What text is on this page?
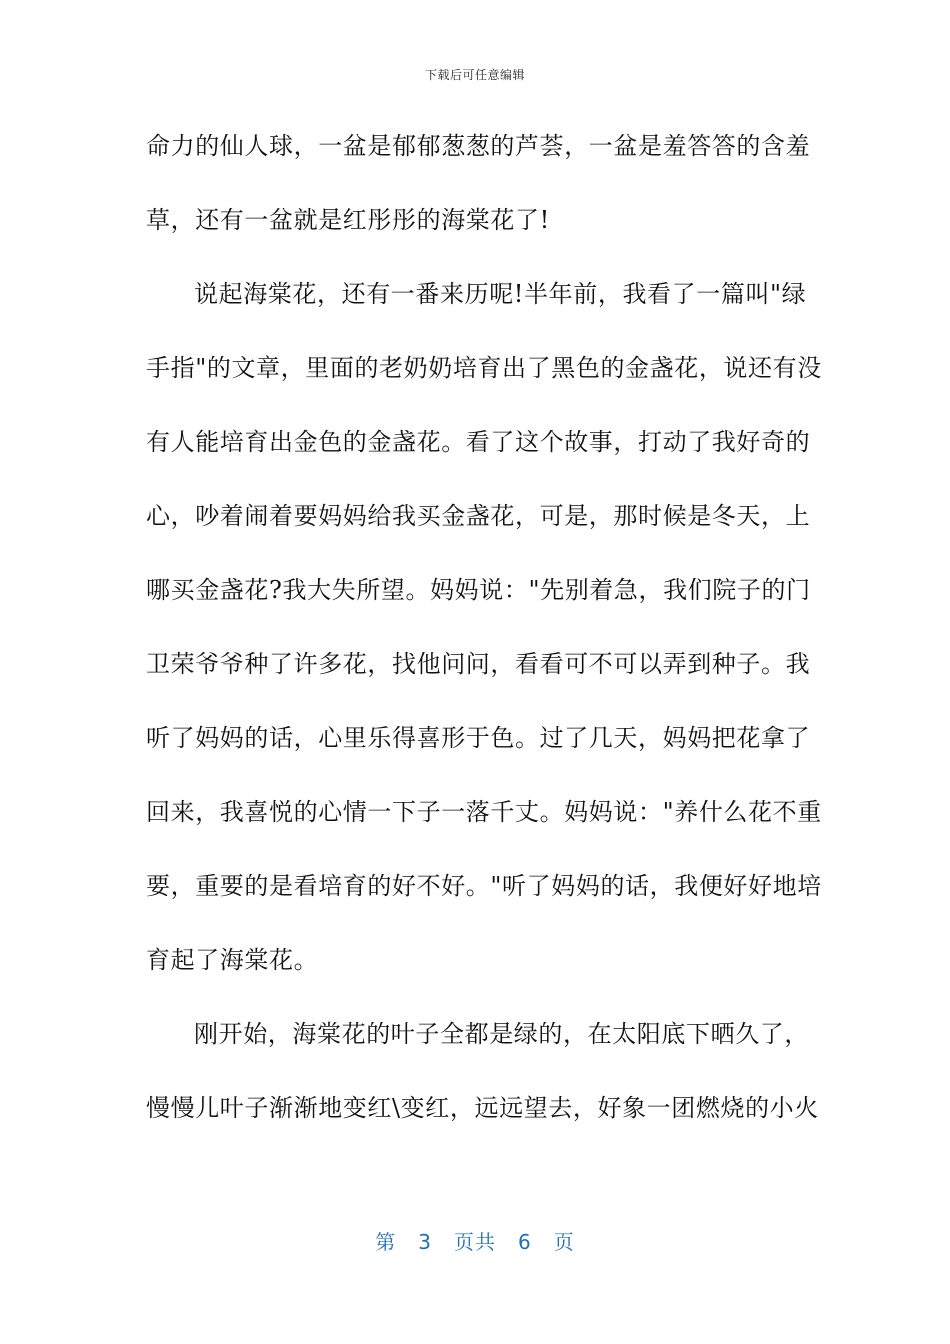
下载后可任意编辑
命力的仙人球，一盆是郁郁葱葱的芦荟，一盆是羞答答的含羞
草，还有一盆就是红彤彤的海棠花了!
说起海棠花，还有一番来历呢!半年前，我看了一篇叫"绿
手指"的文章，里面的老奶奶培育出了黑色的金盏花，说还有没
有人能培育出金色的金盏花。看了这个故事，打动了我好奇的
心，吵着闹着要妈妈给我买金盏花，可是，那时候是冬天，上
哪买金盏花?我大失所望。妈妈说："先别着急，我们院子的门
卫荣爷爷种了许多花，找他问问，看看可不可以弄到种子。我
听了妈妈的话，心里乐得喜形于色。过了几天，妈妈把花拿了
回来，我喜悦的心情一下子一落千丈。妈妈说："养什么花不重
要，重要的是看培育的好不好。"听了妈妈的话，我便好好地培
育起了海棠花。
刚开始，海棠花的叶子全都是绿的，在太阳底下晒久了，
慢慢儿叶子渐渐地变红\变红，远远望去，好象一团燃烧的小火
第 3 页共 6 页
